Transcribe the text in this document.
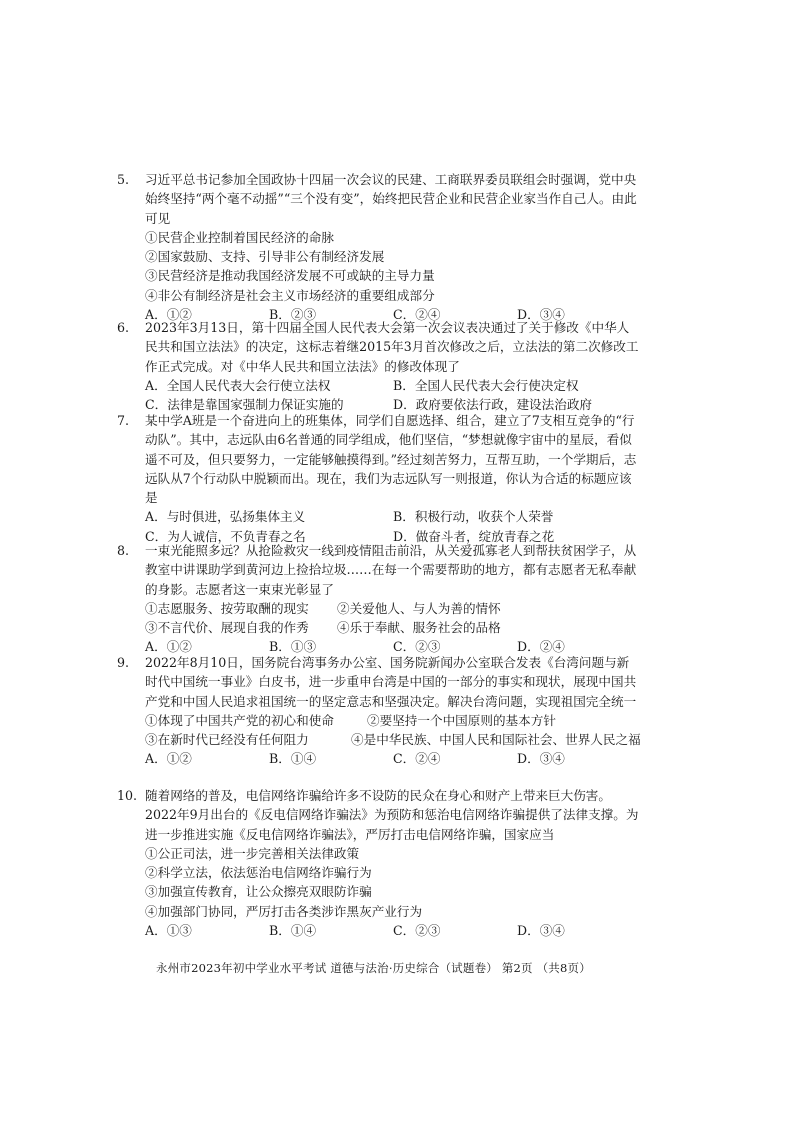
5. 习近平总书记参加全国政协十四届一次会议的民建、工商联界委员联组会时强调，党中央始终坚持“两个毫不动摇”“三个没有变”，始终把民营企业和民营企业家当作自己人。由此可见
①民营企业控制着国民经济的命脉
②国家鼓励、支持、引导非公有制经济发展
③民营经济是推动我国经济发展不可或缺的主导力量
④非公有制经济是社会主义市场经济的重要组成部分
A．①②	B．②③	C．②④	D．③④
6. 2023年3月13日，第十四届全国人民代表大会第一次会议表决通过了关于修改《中华人民共和国立法法》的决定，这标志着继2015年3月首次修改之后，立法法的第二次修改工作正式完成。对《中华人民共和国立法法》的修改体现了
A．全国人民代表大会行使立法权	B．全国人民代表大会行使决定权
C．法律是靠国家强制力保证实施的	D．政府要依法行政，建设法治政府
7. 某中学A班是一个奋进向上的班集体，同学们自愿选择、组合，建立了7支相互竞争的“行动队”。其中，志远队由6名普通的同学组成，他们坚信，“梦想就像宇宙中的星辰，看似遥不可及，但只要努力，一定能够触摸得到。”经过刻苦努力，互帮互助，一个学期后，志远队从7个行动队中脱颖而出。现在，我们为志远队写一则报道，你认为合适的标题应该是
A．与时俱进，弘扬集体主义	B．积极行动，收获个人荣誉
C．为人诚信，不负青春之名	D．做奋斗者，绽放青春之花
8. 一束光能照多远？从抢险救灾一线到疫情阻击前沿，从关爱孤寡老人到帮扶贫困学子，从教室中讲课助学到黄河边上捡拾垃圾……在每一个需要帮助的地方，都有志愿者无私奉献的身影。志愿者这一束束光彰显了
①志愿服务、按劳取酬的现实	②关爱他人、与人为善的情怀
③不言代价、展现自我的作秀	④乐于奉献、服务社会的品格
A．①②	B．①③	C．②③	D．②④
9. 2022年8月10日，国务院台湾事务办公室、国务院新闻办公室联合发表《台湾问题与新时代中国统一事业》白皮书，进一步重申台湾是中国的一部分的事实和现状，展现中国共产党和中国人民追求祖国统一的坚定意志和坚强决定。解决台湾问题，实现祖国完全统一
①体现了中国共产党的初心和使命	②要坚持一个中国原则的基本方针
③在新时代已经没有任何阻力	④是中华民族、中国人民和国际社会、世界人民之福
A．①②	B．①④	C．②④	D．③④
10. 随着网络的普及，电信网络诈骗给许多不设防的民众在身心和财产上带来巨大伤害。2022年9月出台的《反电信网络诈骗法》为预防和惩治电信网络诈骗提供了法律支撑。为进一步推进实施《反电信网络诈骗法》，严厉打击电信网络诈骗，国家应当
①公正司法，进一步完善相关法律政策
②科学立法，依法惩治电信网络诈骗行为
③加强宣传教育，让公众擦亮双眼防诈骗
④加强部门协同，严厉打击各类涉诈黑灰产业行为
A．①③	B．①④	C．②③	D．③④
永州市2023年初中学业水平考试 道德与法治·历史综合（试题卷） 第2页 （共8页）
